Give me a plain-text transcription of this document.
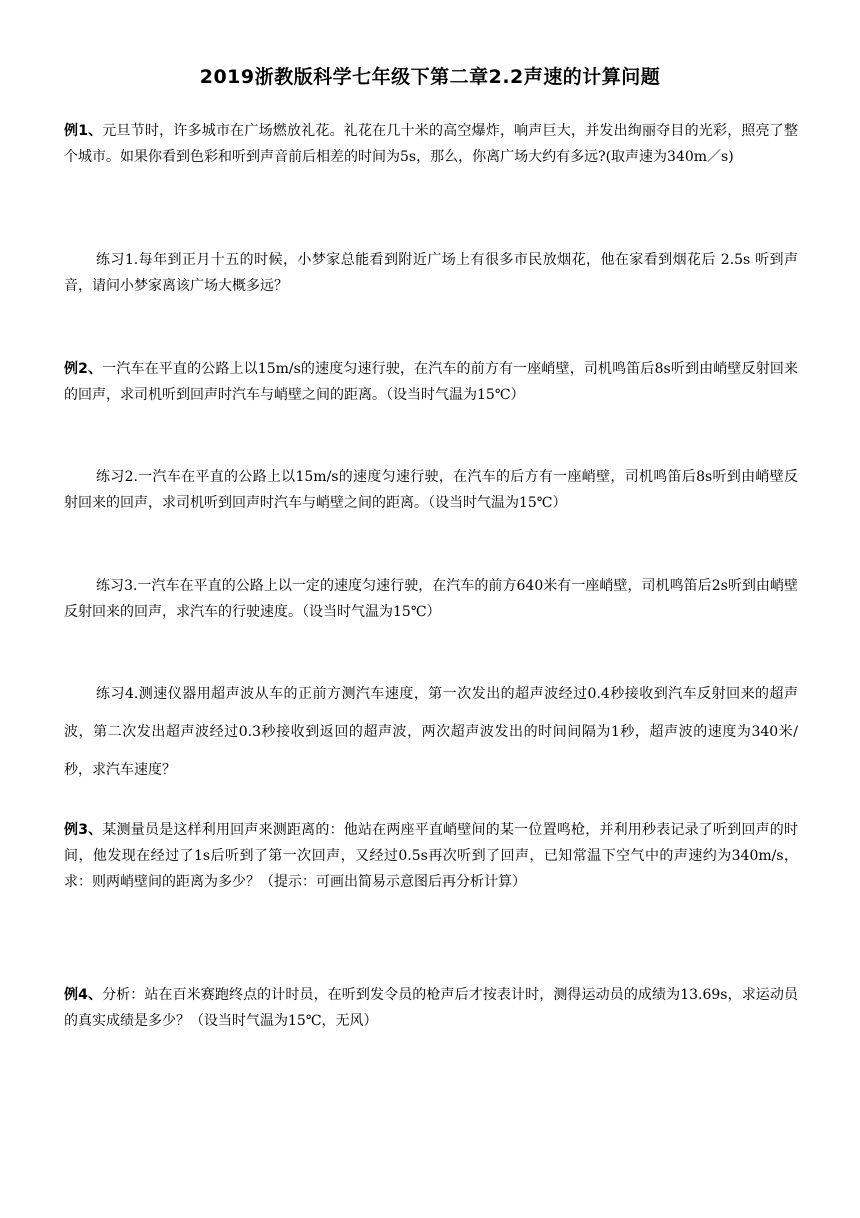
2019浙教版科学七年级下第二章2.2声速的计算问题
例1、元旦节时，许多城市在广场燃放礼花。礼花在几十米的高空爆炸，响声巨大，并发出绚丽夺目的光彩，照亮了整个城市。如果你看到色彩和听到声音前后相差的时间为5s，那么，你离广场大约有多远?(取声速为340m／s)
练习1.每年到正月十五的时候，小梦家总能看到附近广场上有很多市民放烟花，他在家看到烟花后 2.5s 听到声音，请问小梦家离该广场大概多远？
例2、一汽车在平直的公路上以15m/s的速度匀速行驶，在汽车的前方有一座峭壁，司机鸣笛后8s听到由峭壁反射回来的回声，求司机听到回声时汽车与峭壁之间的距离。（设当时气温为15℃）
练习2.一汽车在平直的公路上以15m/s的速度匀速行驶，在汽车的后方有一座峭壁，司机鸣笛后8s听到由峭壁反射回来的回声，求司机听到回声时汽车与峭壁之间的距离。（设当时气温为15℃）
练习3.一汽车在平直的公路上以一定的速度匀速行驶，在汽车的前方640米有一座峭壁，司机鸣笛后2s听到由峭壁反射回来的回声，求汽车的行驶速度。（设当时气温为15℃）
练习4.测速仪器用超声波从车的正前方测汽车速度，第一次发出的超声波经过0.4秒接收到汽车反射回来的超声波，第二次发出超声波经过0.3秒接收到返回的超声波，两次超声波发出的时间间隔为1秒，超声波的速度为340米/秒，求汽车速度？
例3、某测量员是这样利用回声来测距离的：他站在两座平直峭壁间的某一位置鸣枪，并利用秒表记录了听到回声的时间，他发现在经过了1s后听到了第一次回声，又经过0.5s再次听到了回声，已知常温下空气中的声速约为340m/s，求：则两峭壁间的距离为多少？（提示：可画出简易示意图后再分析计算）
例4、分析：站在百米赛跑终点的计时员，在听到发令员的枪声后才按表计时，测得运动员的成绩为13.69s，求运动员的真实成绩是多少？（设当时气温为15℃，无风）
